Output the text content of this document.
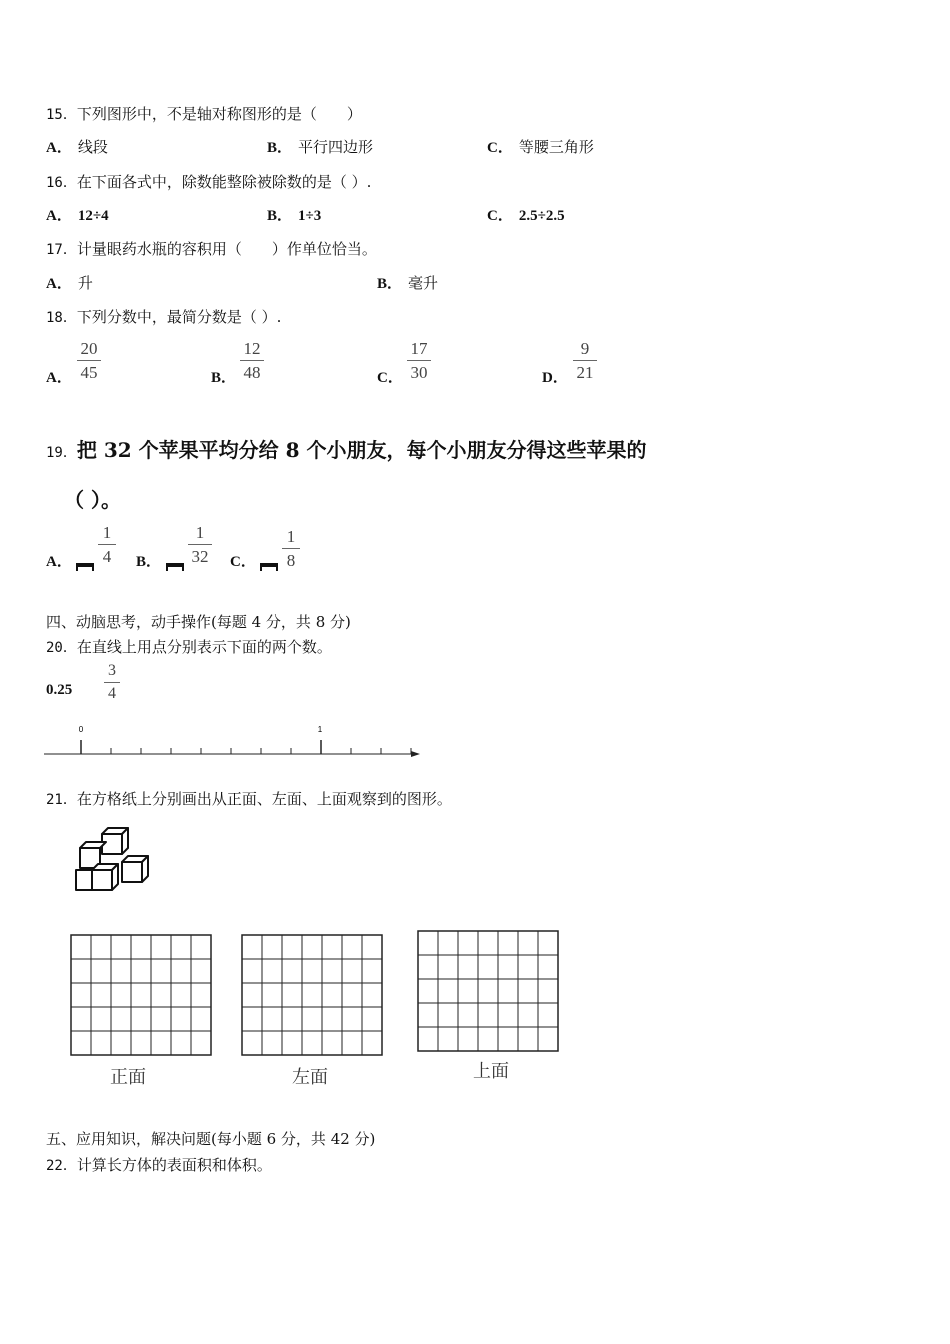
15．下列图形中，不是轴对称图形的是（　　）
A． 线段	B． 平行四边形	C． 等腰三角形
16．在下面各式中，除数能整除被除数的是（ ）.
A． 12÷4	B． 1÷3	C． 2.5÷2.5
17．计量眼药水瓶的容积用（　　）作单位恰当。
A． 升	B． 毫升
18．下列分数中，最简分数是（ ）.
A．
20
45	B．
12
48	C．
17
30	D．
9
21
19．把 32 个苹果平均分给 8 个小朋友，每个小朋友分得这些苹果的
（ ）。
A．
1
4	B．
1
32 C．
1
8
四、动脑思考，动手操作(每题 4 分，共 8 分)
20．在直线上用点分别表示下面的两个数。
0.25
3
4
0	1
21．在方格纸上分别画出从正面、左面、上面观察到的图形。
正面	左面	上面
五、应用知识，解决问题(每小题 6 分，共 42 分)
22．计算长方体的表面积和体积。
